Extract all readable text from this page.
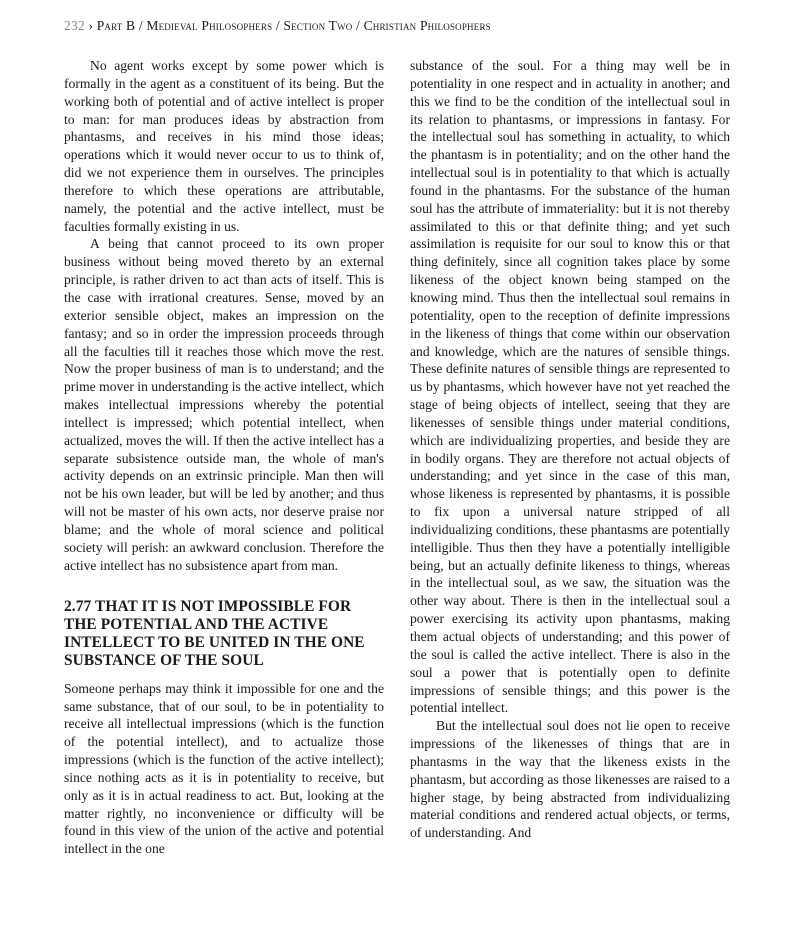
232 › Part B / Medieval Philosophers / Section Two / Christian Philosophers

No agent works except by some power which is formally in the agent as a constituent of its being. But the working both of potential and of active intellect is proper to man: for man produces ideas by abstraction from phantasms, and receives in his mind those ideas; operations which it would never occur to us to think of, did we not experience them in ourselves. The principles therefore to which these operations are attributable, namely, the potential and the active intellect, must be faculties formally existing in us.

A being that cannot proceed to its own proper business without being moved thereto by an external principle, is rather driven to act than acts of itself. This is the case with irrational creatures. Sense, moved by an exterior sensible object, makes an impression on the fantasy; and so in order the impression proceeds through all the faculties till it reaches those which move the rest. Now the proper business of man is to understand; and the prime mover in understanding is the active intellect, which makes intellectual impressions whereby the potential intellect is impressed; which potential intellect, when actualized, moves the will. If then the active intellect has a separate subsistence outside man, the whole of man's activity depends on an extrinsic principle. Man then will not be his own leader, but will be led by another; and thus will not be master of his own acts, nor deserve praise nor blame; and the whole of moral science and political society will perish: an awkward conclusion. Therefore the active intellect has no subsistence apart from man.

2.77 THAT IT IS NOT IMPOSSIBLE FOR THE POTENTIAL AND THE ACTIVE INTELLECT TO BE UNITED IN THE ONE SUBSTANCE OF THE SOUL

Someone perhaps may think it impossible for one and the same substance, that of our soul, to be in potentiality to receive all intellectual impressions (which is the function of the potential intellect), and to actualize those impressions (which is the function of the active intellect); since nothing acts as it is in potentiality to receive, but only as it is in actual readiness to act. But, looking at the matter rightly, no inconvenience or difficulty will be found in this view of the union of the active and potential intellect in the one

substance of the soul. For a thing may well be in potentiality in one respect and in actuality in another; and this we find to be the condition of the intellectual soul in its relation to phantasms, or impressions in fantasy. For the intellectual soul has something in actuality, to which the phantasm is in potentiality; and on the other hand the intellectual soul is in potentiality to that which is actually found in the phantasms. For the substance of the human soul has the attribute of immateriality: but it is not thereby assimilated to this or that definite thing; and yet such assimilation is requisite for our soul to know this or that thing definitely, since all cognition takes place by some likeness of the object known being stamped on the knowing mind. Thus then the intellectual soul remains in potentiality, open to the reception of definite impressions in the likeness of things that come within our observation and knowledge, which are the natures of sensible things. These definite natures of sensible things are represented to us by phantasms, which however have not yet reached the stage of being objects of intellect, seeing that they are likenesses of sensible things under material conditions, which are individualizing properties, and beside they are in bodily organs. They are therefore not actual objects of understanding; and yet since in the case of this man, whose likeness is represented by phantasms, it is possible to fix upon a universal nature stripped of all individualizing conditions, these phantasms are potentially intelligible. Thus then they have a potentially intelligible being, but an actually definite likeness to things, whereas in the intellectual soul, as we saw, the situation was the other way about. There is then in the intellectual soul a power exercising its activity upon phantasms, making them actual objects of understanding; and this power of the soul is called the active intellect. There is also in the soul a power that is potentially open to definite impressions of sensible things; and this power is the potential intellect.

But the intellectual soul does not lie open to receive impressions of the likenesses of things that are in phantasms in the way that the likeness exists in the phantasm, but according as those likenesses are raised to a higher stage, by being abstracted from individualizing material conditions and rendered actual objects, or terms, of understanding. And
